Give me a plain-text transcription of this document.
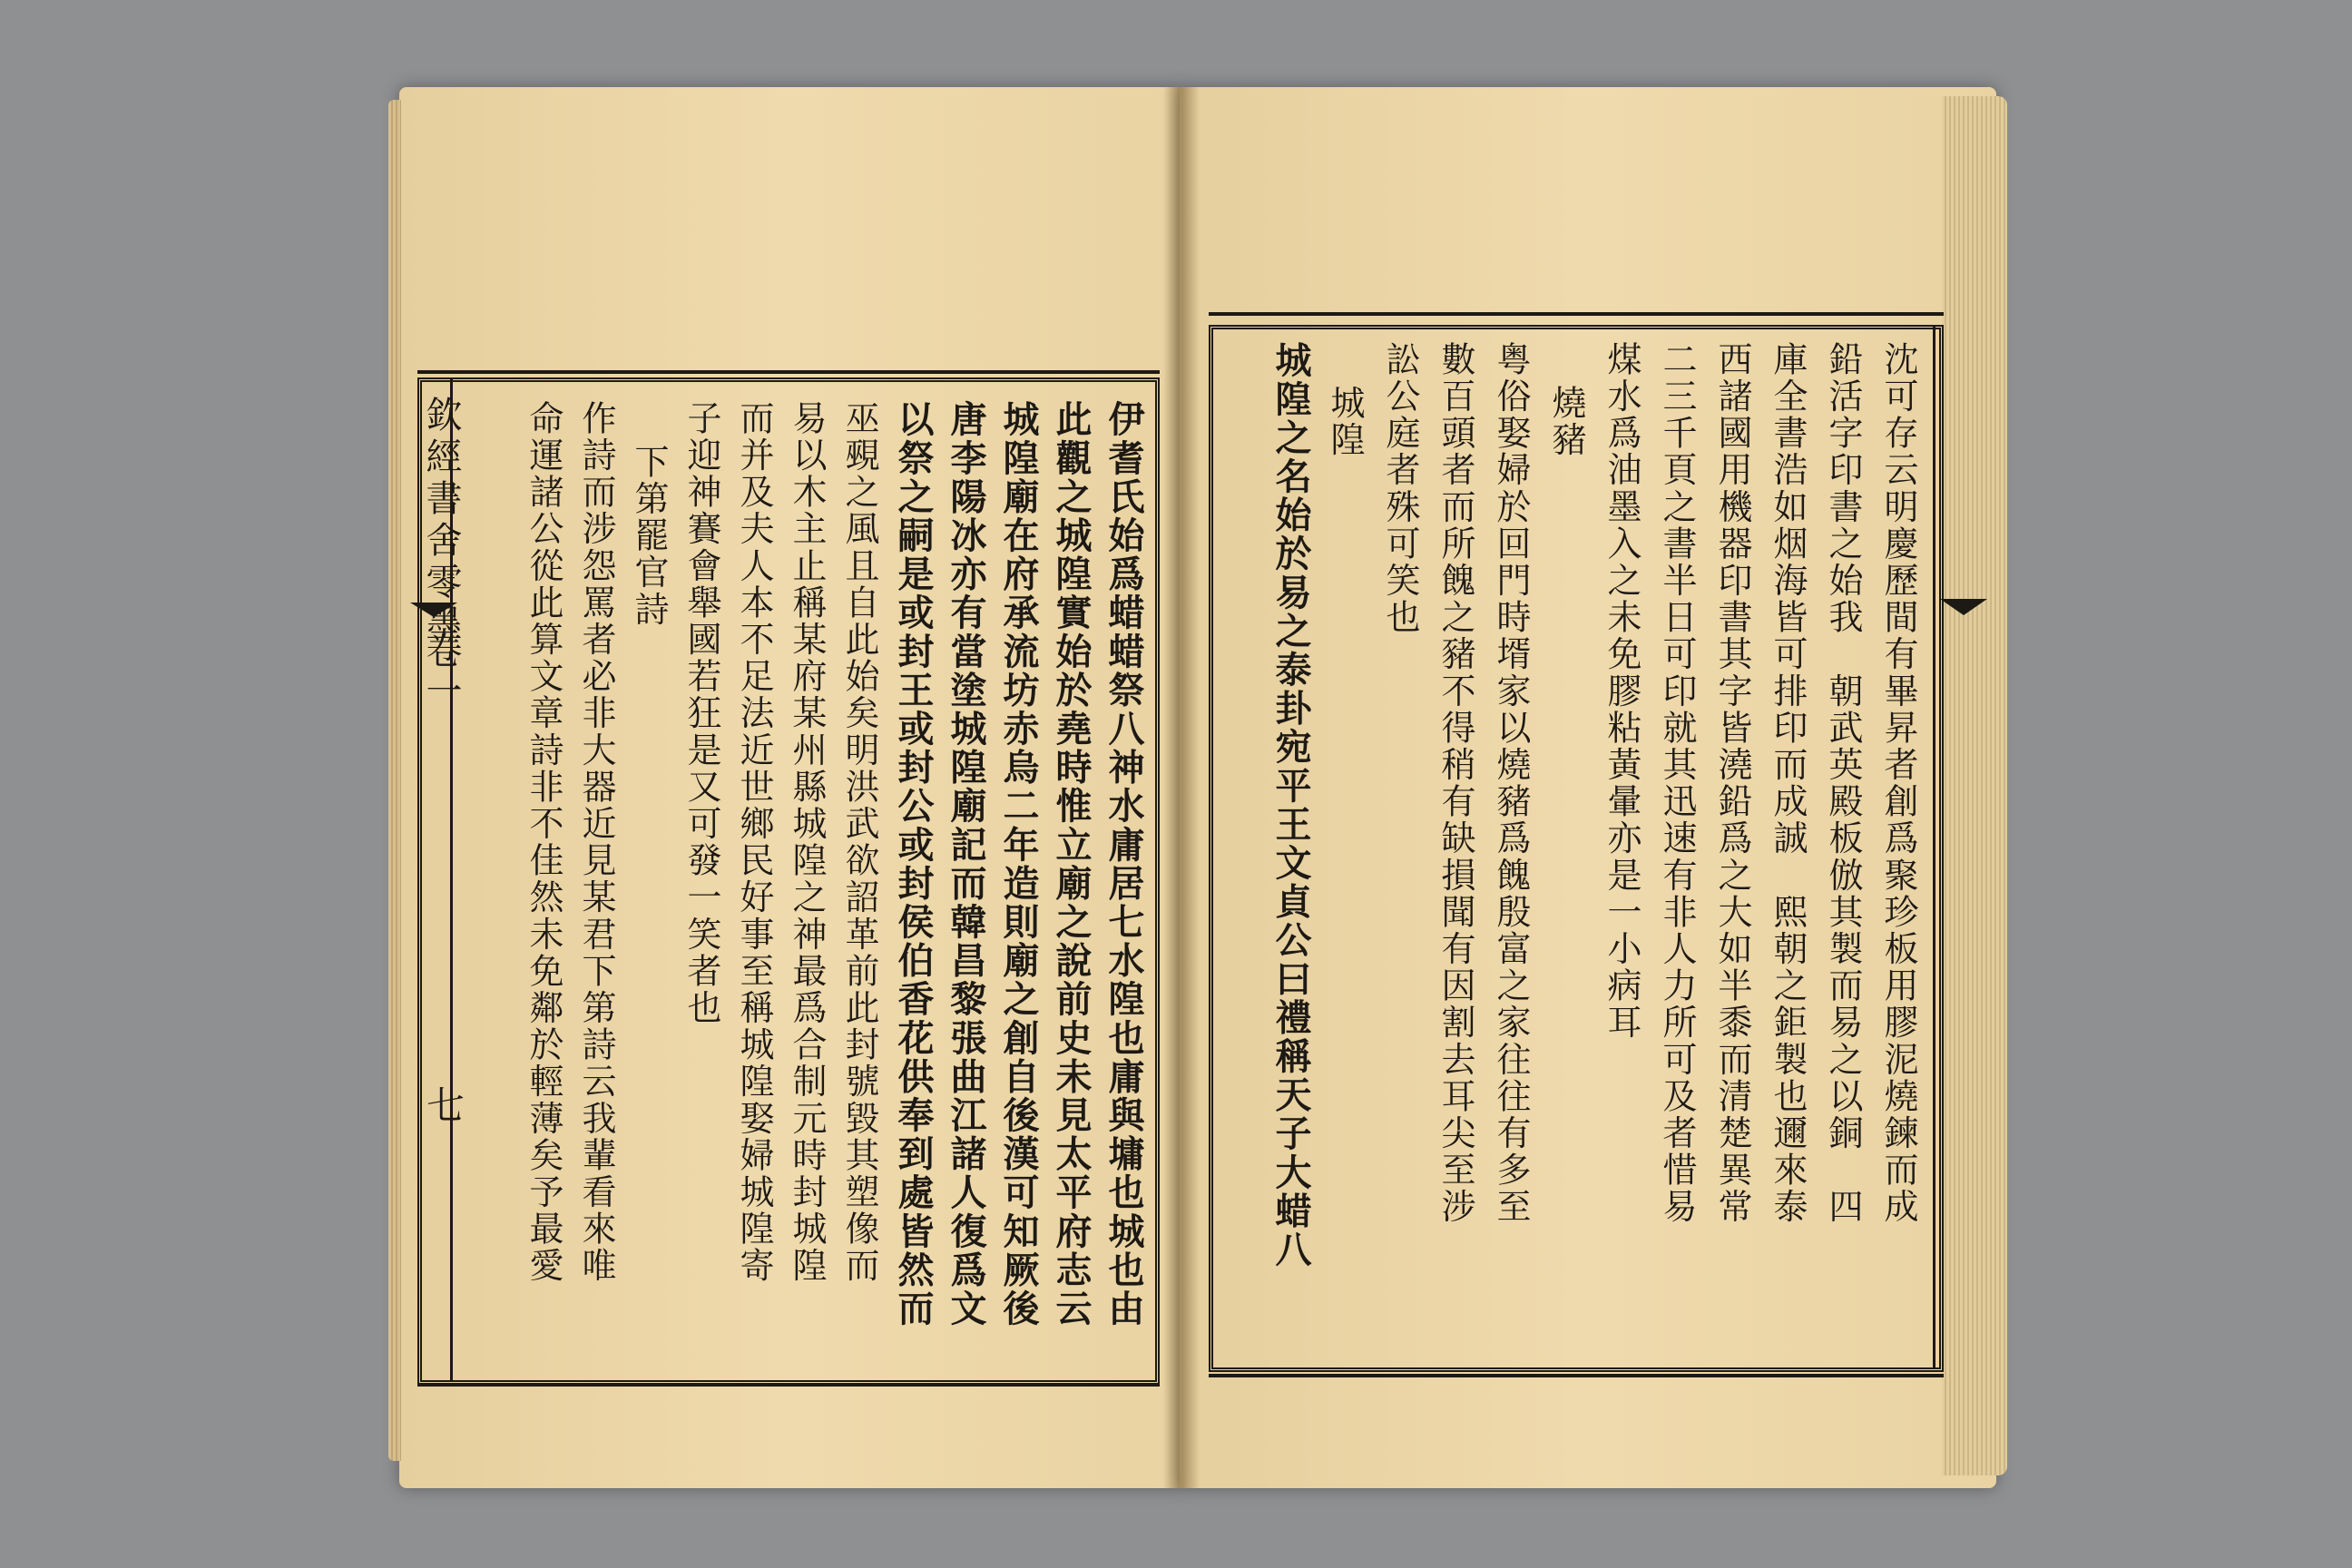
欽經書舍零墨
卷一
七	伊耆氏始爲蜡蜡祭八神水庸居七水隍也庸與墉也城也由
此觀之城隍實始於堯時惟立廟之說前史未見太平府志云
城隍廟在府承流坊赤烏二年造則廟之創自後漢可知厥後
唐李陽冰亦有當塗城隍廟記而韓昌黎張曲江諸人復爲文
以祭之嗣是或封王或封公或封侯伯香花供奉到處皆然而
巫覡之風且自此始矣明洪武欲詔革前此封號毀其塑像而
易以木主止稱某府某州縣城隍之神最爲合制元時封城隍
而并及夫人本不足法近世鄉民好事至稱城隍娶婦城隍寄
子迎神賽會舉國若狂是又可發一笑者也
下第罷官詩
作詩而涉怨罵者必非大器近見某君下第詩云我輩看來唯
命運諸公從此算文章詩非不佳然未免鄰於輕薄矣予最愛	沈可存云明慶歷間有畢昇者創爲聚珍板用膠泥燒鍊而成
鉛活字印書之始我　朝武英殿板倣其製而易之以銅　四
庫全書浩如烟海皆可排印而成誠　熙朝之鉅製也邇來泰
西諸國用機器印書其字皆澆鉛爲之大如半黍而清楚異常
二三千頁之書半日可印就其迅速有非人力所可及者惜易
煤水爲油墨入之未免膠粘黃暈亦是一小病耳
燒豬
粤俗娶婦於回門時壻家以燒豬爲餽殷富之家往往有多至
數百頭者而所餽之豬不得稍有缺損聞有因割去耳尖至涉
訟公庭者殊可笑也
城隍
城隍之名始於易之泰卦宛平王文貞公曰禮稱天子大蜡八
